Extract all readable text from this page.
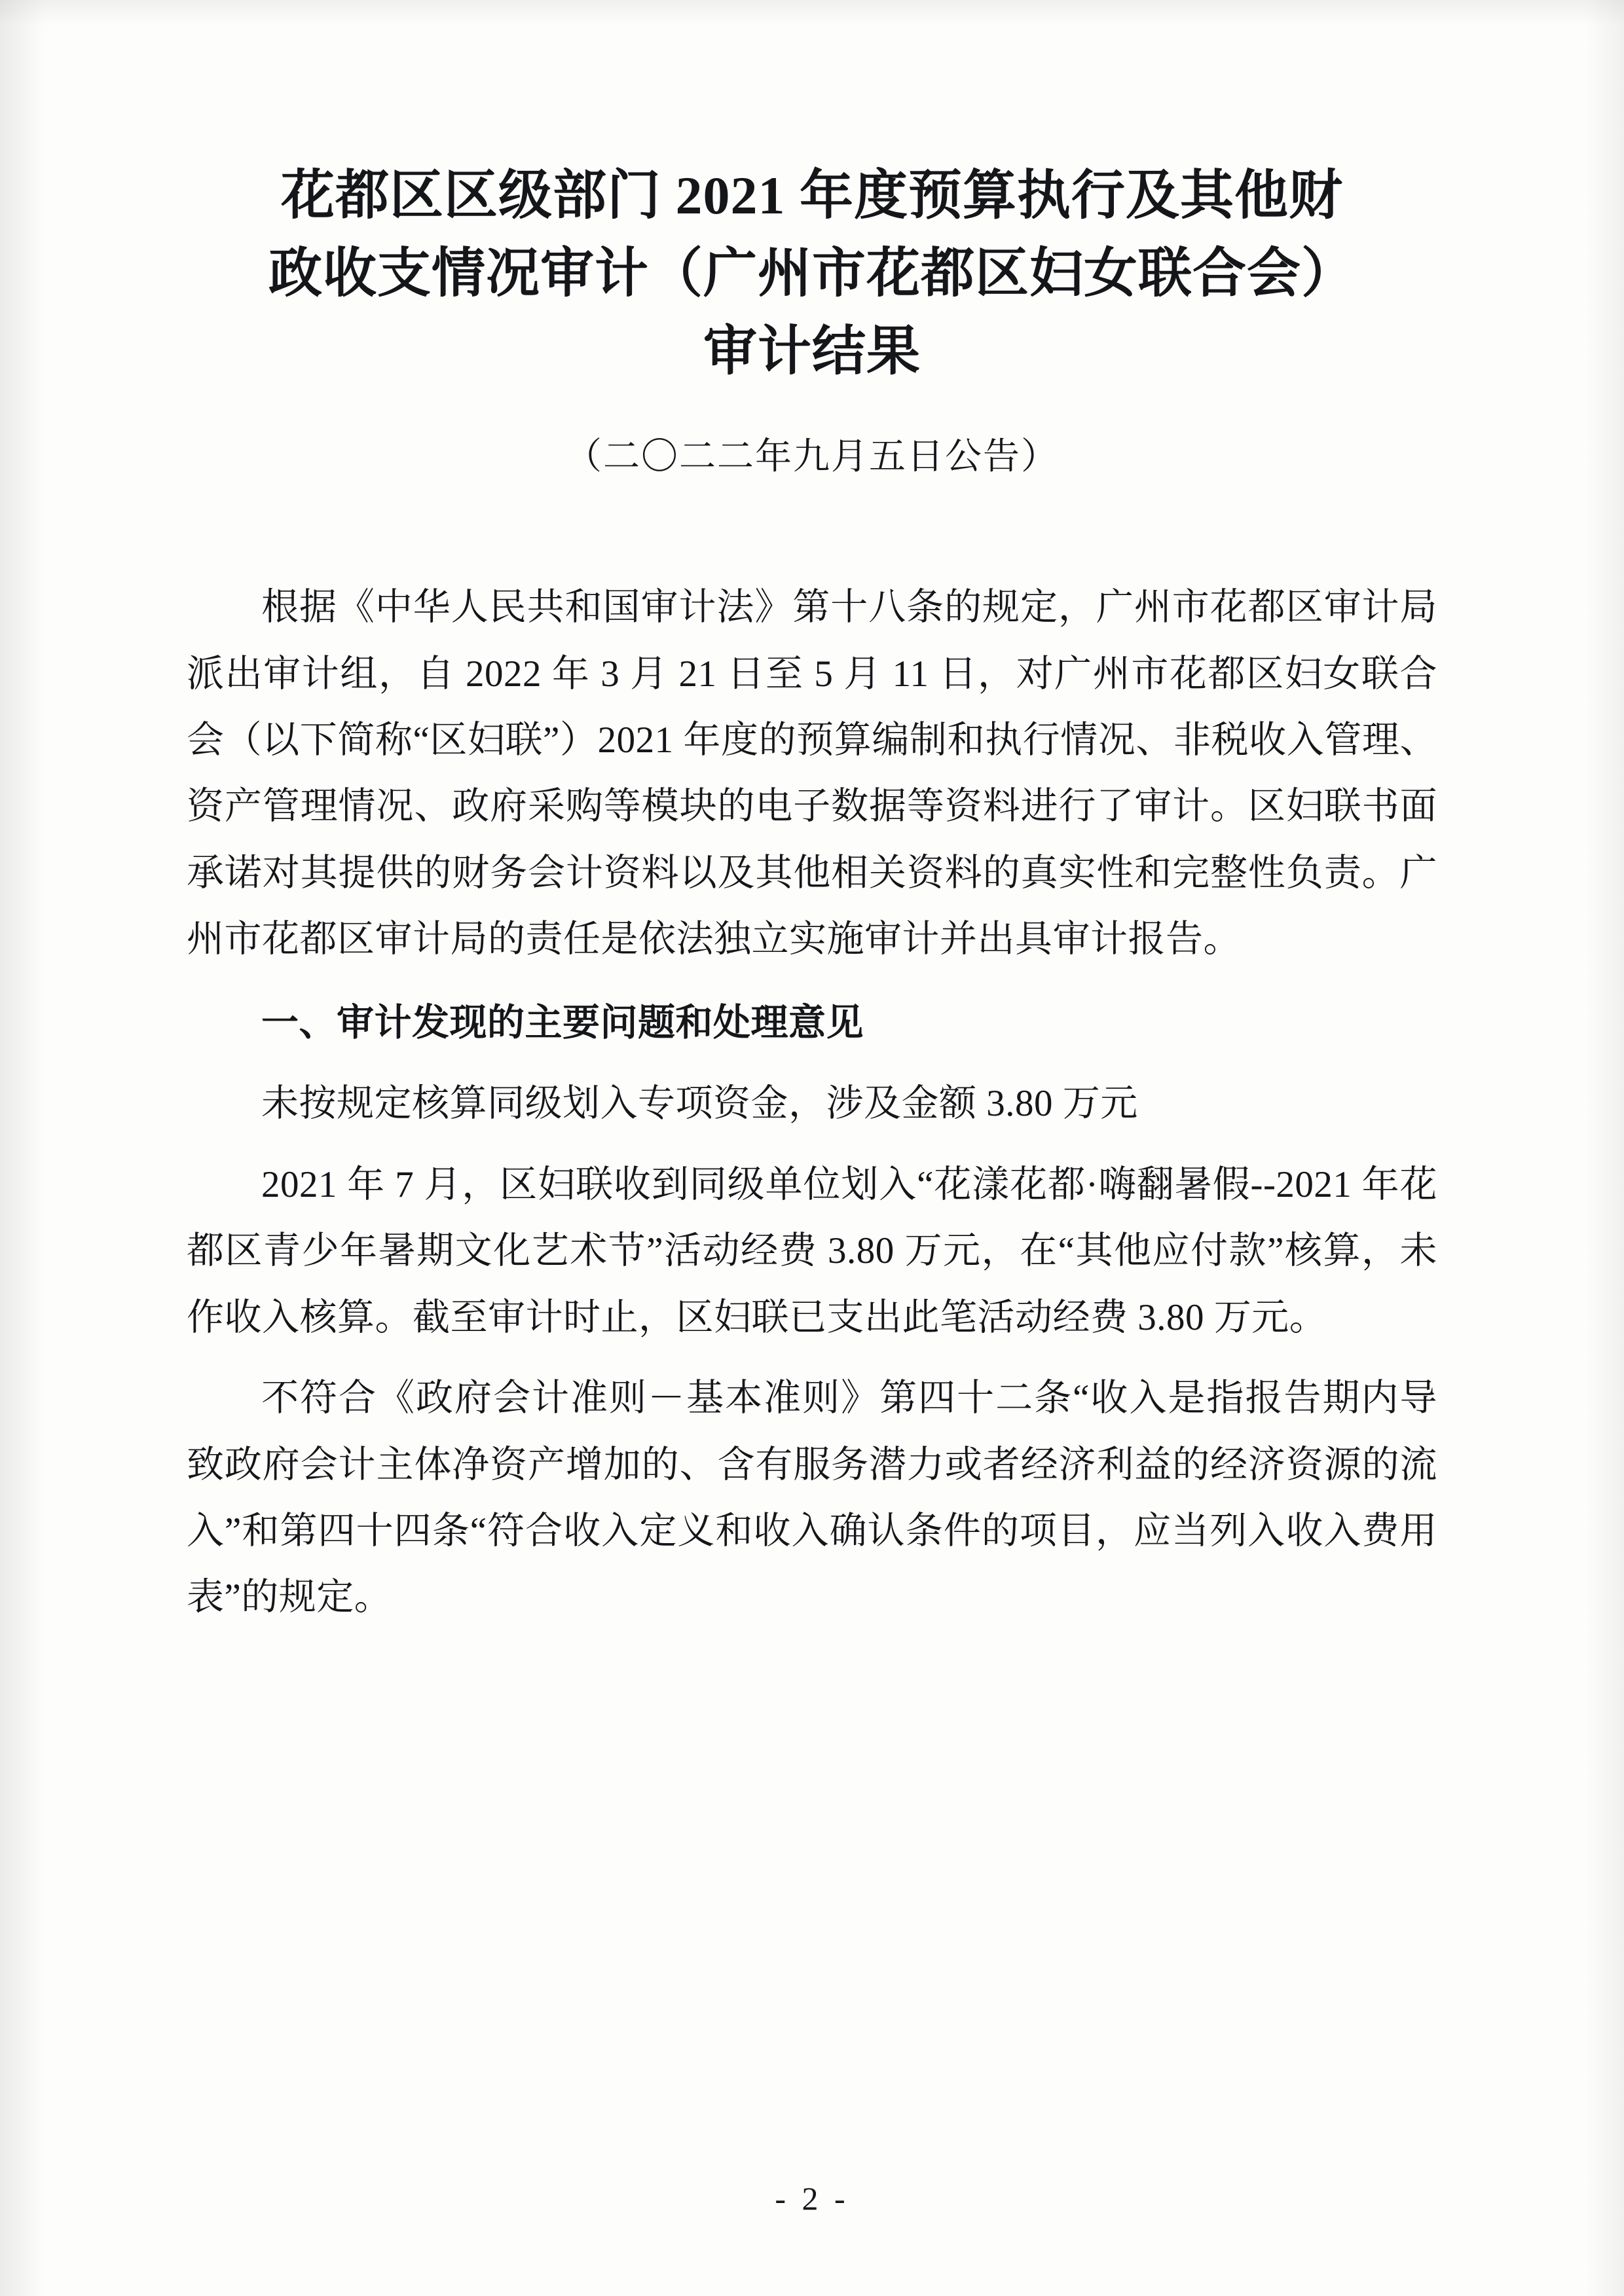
花都区区级部门 2021 年度预算执行及其他财
政收支情况审计（广州市花都区妇女联合会）
审计结果
（二〇二二年九月五日公告）

根据《中华人民共和国审计法》第十八条的规定，广州市花都区审计局派出审计组，自 2022 年 3 月 21 日至 5 月 11 日，对广州市花都区妇女联合会（以下简称“区妇联”）2021 年度的预算编制和执行情况、非税收入管理、资产管理情况、政府采购等模块的电子数据等资料进行了审计。区妇联书面承诺对其提供的财务会计资料以及其他相关资料的真实性和完整性负责。广州市花都区审计局的责任是依法独立实施审计并出具审计报告。

一、审计发现的主要问题和处理意见

未按规定核算同级划入专项资金，涉及金额 3.80 万元

2021 年 7 月，区妇联收到同级单位划入“花漾花都·嗨翻暑假--2021 年花都区青少年暑期文化艺术节”活动经费 3.80 万元，在“其他应付款”核算，未作收入核算。截至审计时止，区妇联已支出此笔活动经费 3.80 万元。

不符合《政府会计准则－基本准则》第四十二条“收入是指报告期内导致政府会计主体净资产增加的、含有服务潜力或者经济利益的经济资源的流入”和第四十四条“符合收入定义和收入确认条件的项目，应当列入收入费用表”的规定。

- 2 -
